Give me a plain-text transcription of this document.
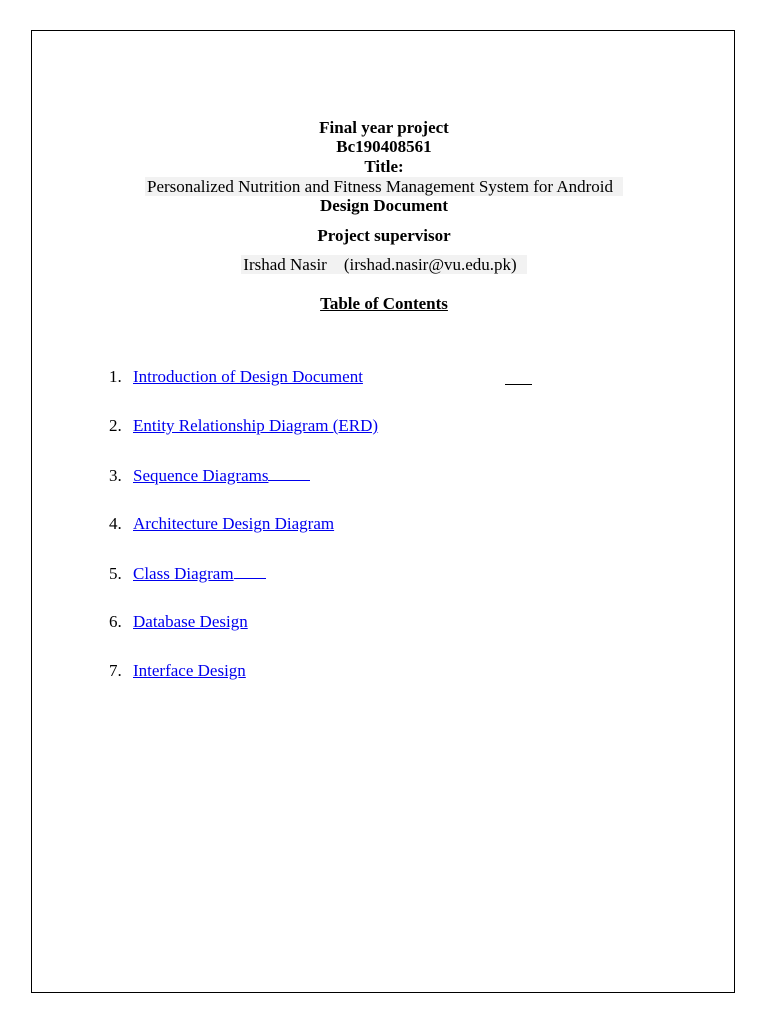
Final year project
Bc190408561
Title:
Personalized Nutrition and Fitness Management System for Android
Design Document
Project supervisor
Irshad Nasir    (irshad.nasir@vu.edu.pk)
Table of Contents
1. Introduction of Design Document
2. Entity Relationship Diagram (ERD)
3. Sequence Diagrams
4. Architecture Design Diagram
5. Class Diagram
6. Database Design
7. Interface Design
